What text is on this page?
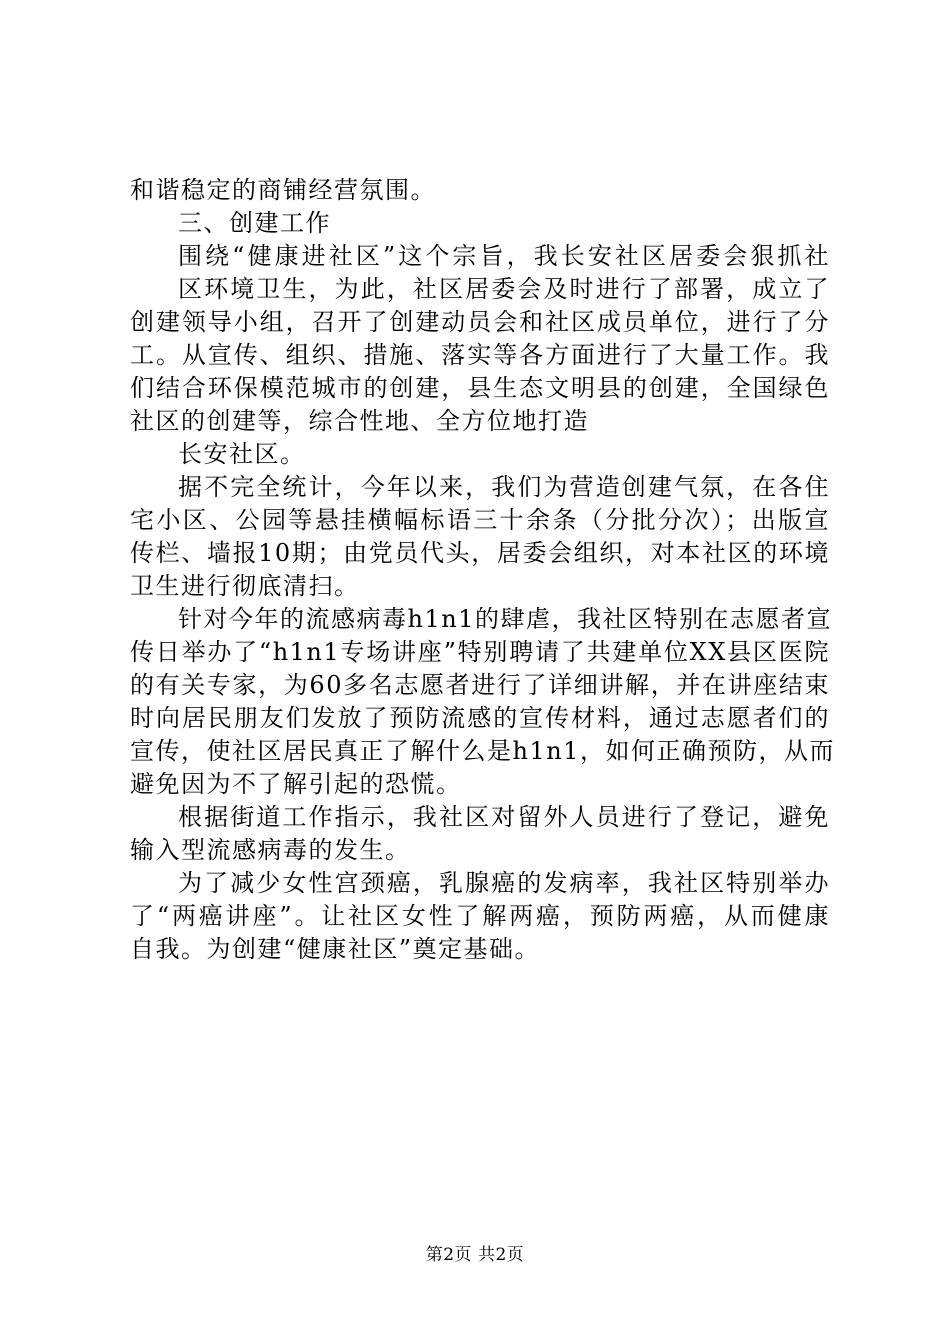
和谐稳定的商铺经营氛围。
三、创建工作
围绕“健康进社区”这个宗旨，我长安社区居委会狠抓社
区环境卫生，为此，社区居委会及时进行了部署，成立了
创建领导小组，召开了创建动员会和社区成员单位，进行了分
工。从宣传、组织、措施、落实等各方面进行了大量工作。我
们结合环保模范城市的创建，县生态文明县的创建，全国绿色
社区的创建等，综合性地、全方位地打造
长安社区。
据不完全统计，今年以来，我们为营造创建气氛，在各住
宅小区、公园等悬挂横幅标语三十余条（分批分次）；出版宣
传栏、墙报10期；由党员代头，居委会组织，对本社区的环境
卫生进行彻底清扫。
针对今年的流感病毒h1n1的肆虐，我社区特别在志愿者宣
传日举办了“h1n1专场讲座”特别聘请了共建单位XX县区医院
的有关专家，为60多名志愿者进行了详细讲解，并在讲座结束
时向居民朋友们发放了预防流感的宣传材料，通过志愿者们的
宣传，使社区居民真正了解什么是h1n1，如何正确预防，从而
避免因为不了解引起的恐慌。
根据街道工作指示，我社区对留外人员进行了登记，避免
输入型流感病毒的发生。
为了减少女性宫颈癌，乳腺癌的发病率，我社区特别举办
了“两癌讲座”。让社区女性了解两癌，预防两癌，从而健康
自我。为创建“健康社区”奠定基础。
第2页 共2页
